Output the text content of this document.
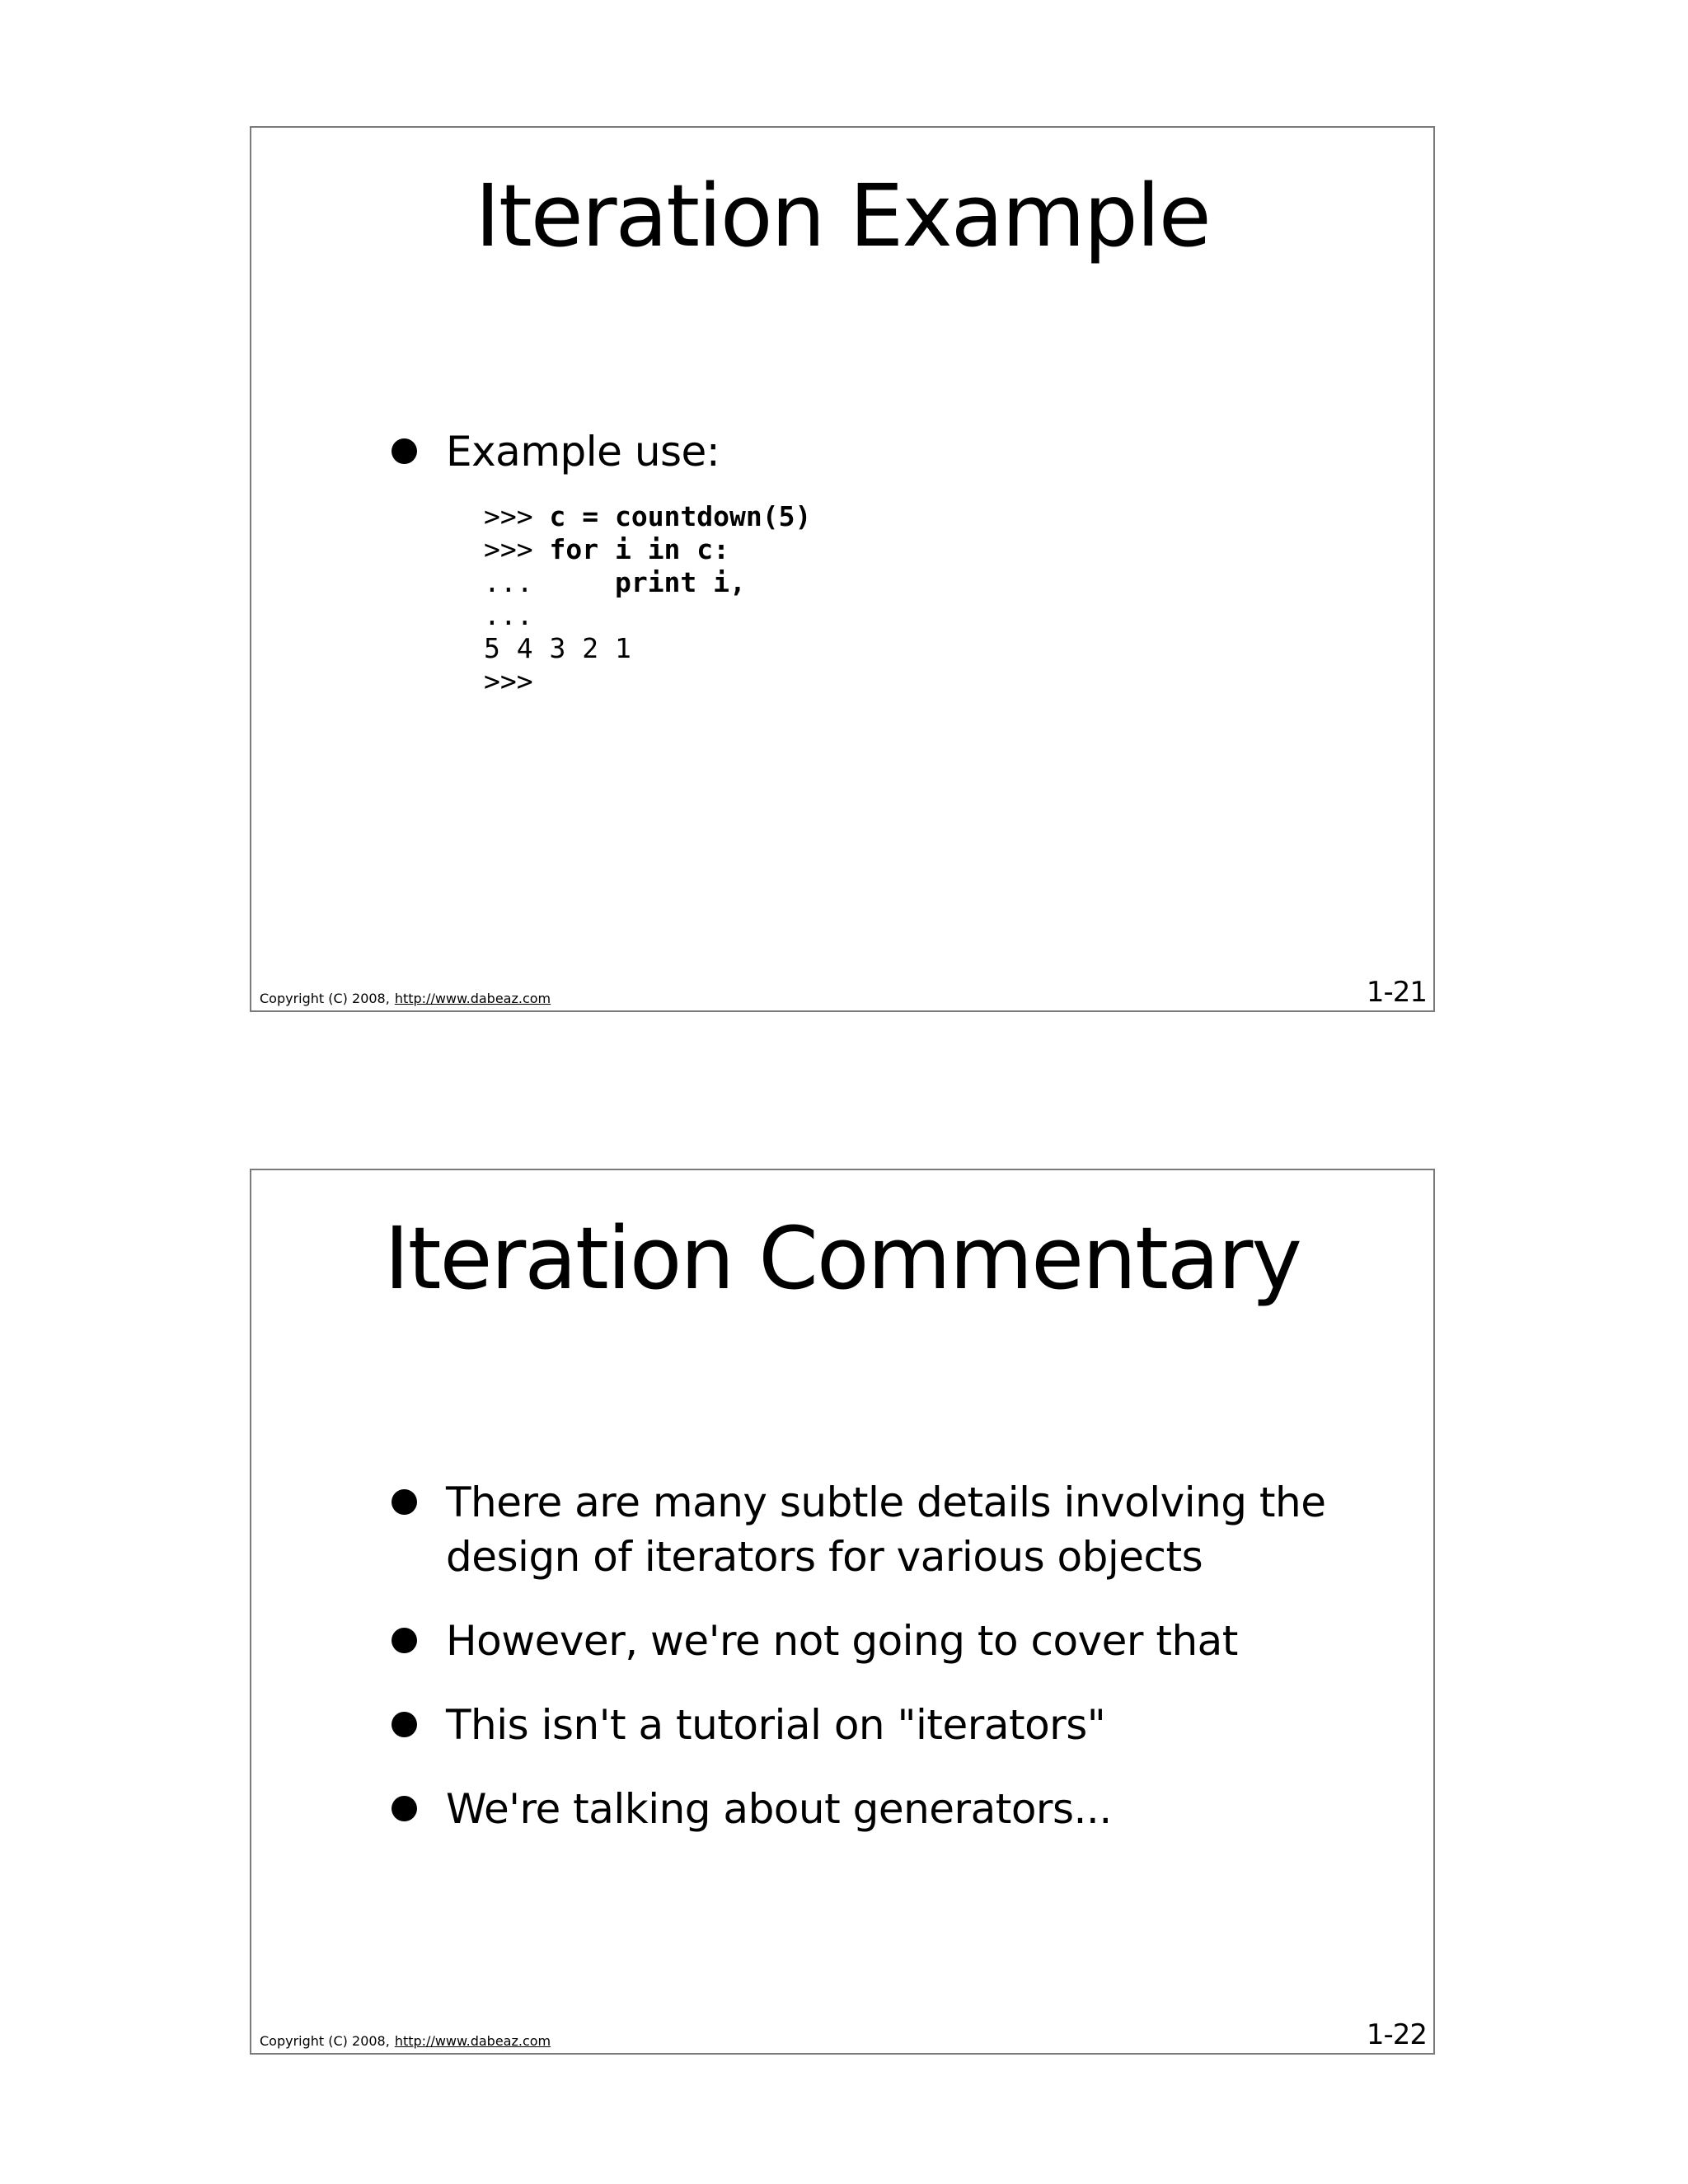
Iteration Example
Example use:
>>> c = countdown(5)
>>> for i in c:
...     print i,
...
5 4 3 2 1
>>>
Copyright (C) 2008, http://www.dabeaz.com	1-21
Iteration Commentary
There are many subtle details involving the design of iterators for various objects
However, we're not going to cover that
This isn't a tutorial on "iterators"
We're talking about generators...
Copyright (C) 2008, http://www.dabeaz.com	1-22
